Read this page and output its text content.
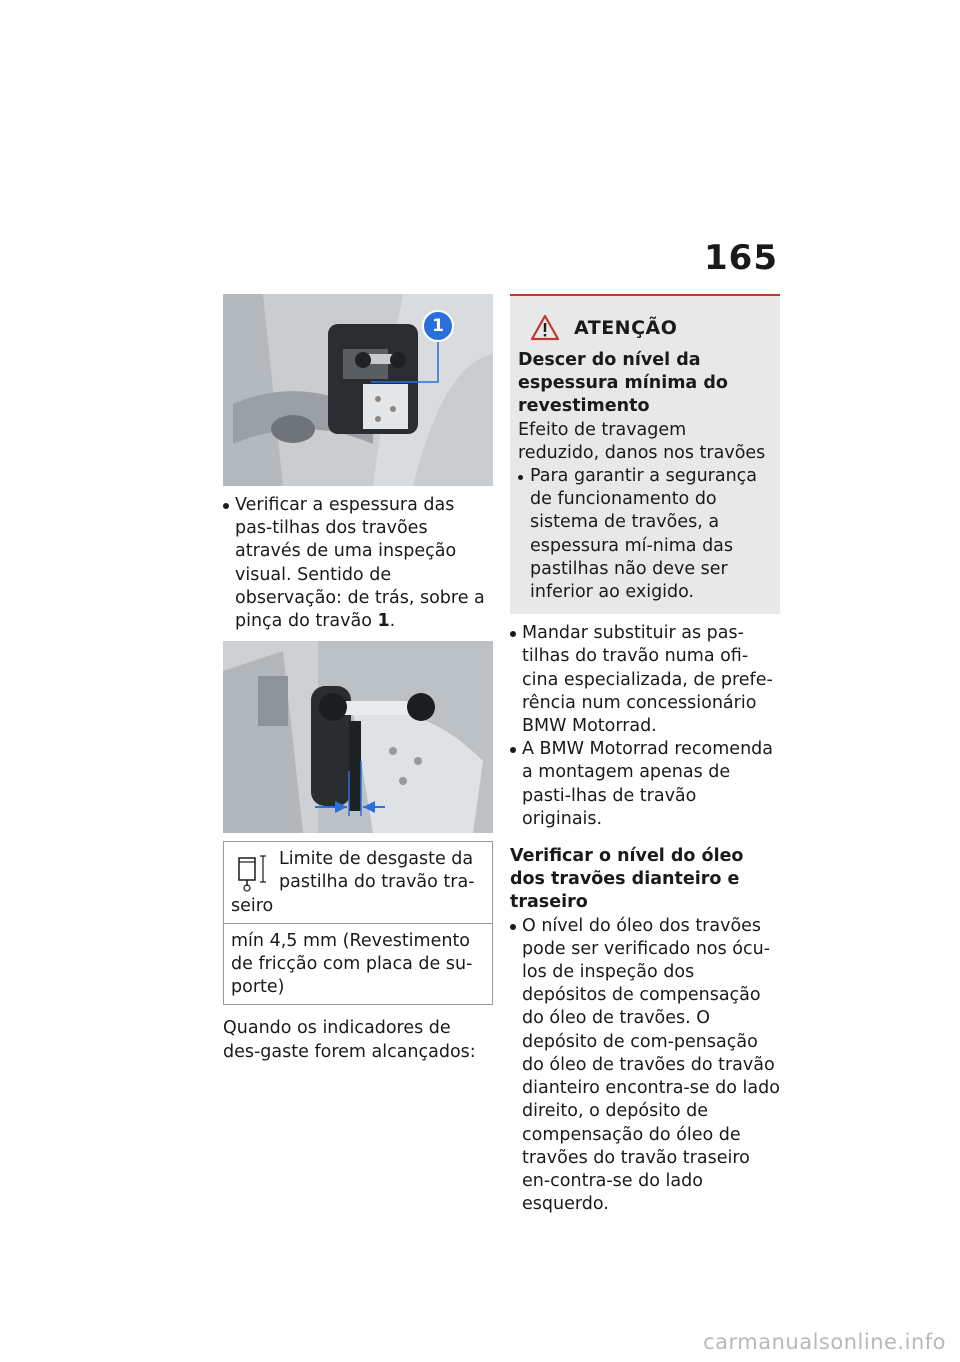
165
1
Verificar a espessura das pas-tilhas dos travões através de uma inspeção visual. Sentido de observação: de trás, sobre a pinça do travão 1.
Limite de desgaste da pastilha do travão tra-seiro
mín 4,5 mm (Revestimento de fricção com placa de su-porte)
Quando os indicadores de des-gaste forem alcançados:
ATENÇÃO
Descer do nível da espessura mínima do revestimento
Efeito de travagem reduzido, danos nos travões
Para garantir a segurança de funcionamento do sistema de travões, a espessura mí-nima das pastilhas não deve ser inferior ao exigido.
Mandar substituir as pas-tilhas do travão numa ofi-cina especializada, de prefe-rência num concessionário BMW Motorrad.
A BMW Motorrad recomenda a montagem apenas de pasti-lhas de travão originais.
Verificar o nível do óleo dos travões dianteiro e traseiro
O nível do óleo dos travões pode ser verificado nos ócu-los de inspeção dos depósitos de compensação do óleo de travões. O depósito de com-pensação do óleo de travões do travão dianteiro encontra-se do lado direito, o depósito de compensação do óleo de travões do travão traseiro en-contra-se do lado esquerdo.
carmanualsonline.info
